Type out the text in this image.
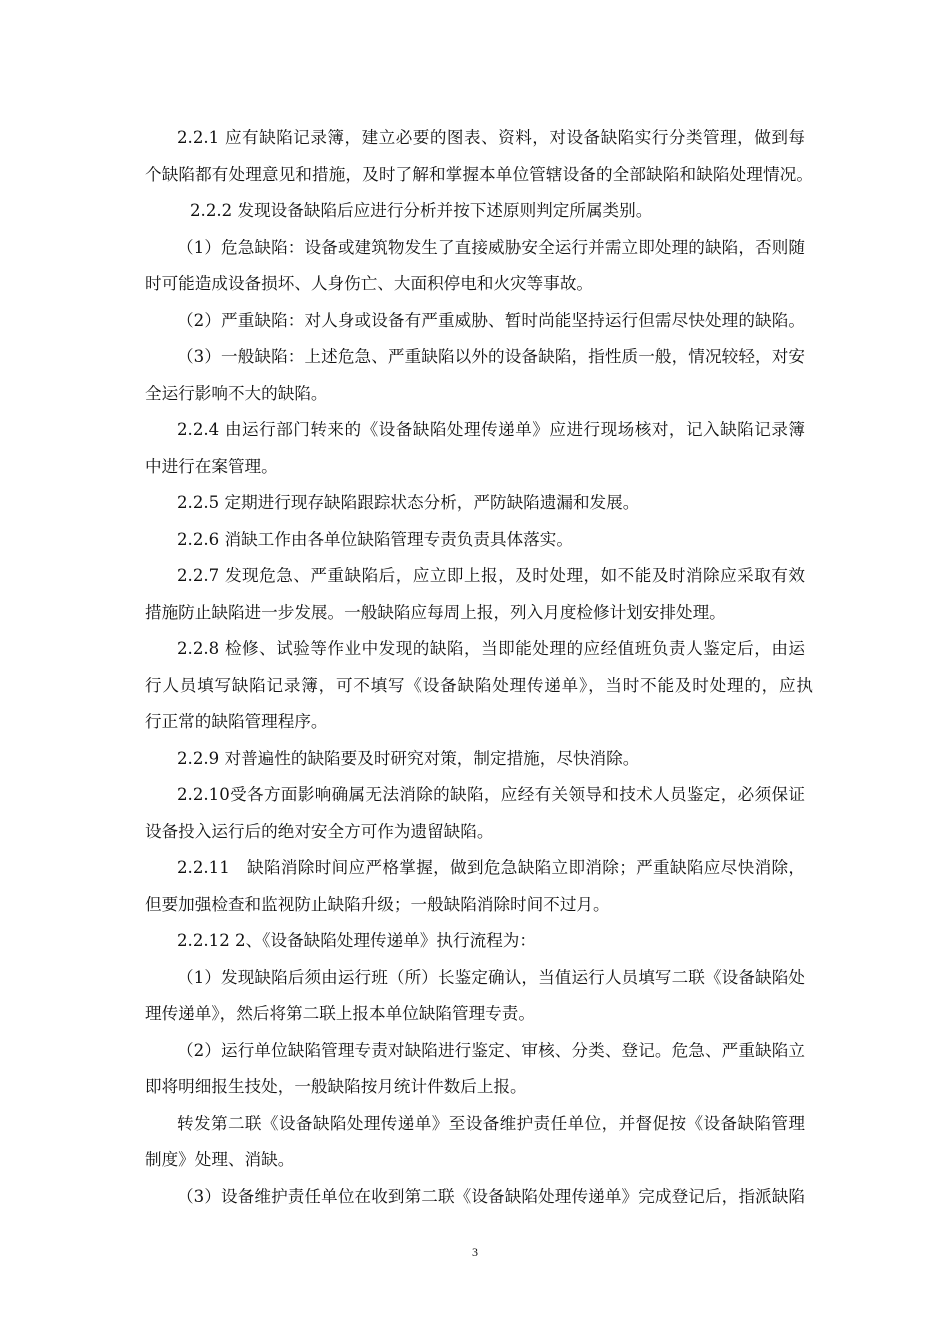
2.2.1 应有缺陷记录簿，建立必要的图表、资料，对设备缺陷实行分类管理，做到每
个缺陷都有处理意见和措施，及时了解和掌握本单位管辖设备的全部缺陷和缺陷处理情况。
2.2.2 发现设备缺陷后应进行分析并按下述原则判定所属类别。
（1）危急缺陷：设备或建筑物发生了直接威胁安全运行并需立即处理的缺陷，否则随
时可能造成设备损坏、人身伤亡、大面积停电和火灾等事故。
（2）严重缺陷：对人身或设备有严重威胁、暂时尚能坚持运行但需尽快处理的缺陷。
（3）一般缺陷：上述危急、严重缺陷以外的设备缺陷，指性质一般，情况较轻，对安
全运行影响不大的缺陷。
2.2.4 由运行部门转来的《设备缺陷处理传递单》应进行现场核对，记入缺陷记录簿
中进行在案管理。
2.2.5 定期进行现存缺陷跟踪状态分析，严防缺陷遗漏和发展。
2.2.6 消缺工作由各单位缺陷管理专责负责具体落实。
2.2.7 发现危急、严重缺陷后，应立即上报，及时处理，如不能及时消除应采取有效
措施防止缺陷进一步发展。一般缺陷应每周上报，列入月度检修计划安排处理。
2.2.8 检修、试验等作业中发现的缺陷，当即能处理的应经值班负责人鉴定后，由运
行人员填写缺陷记录簿，可不填写《设备缺陷处理传递单》，当时不能及时处理的，应执
行正常的缺陷管理程序。
2.2.9 对普遍性的缺陷要及时研究对策，制定措施，尽快消除。
2.2.10受各方面影响确属无法消除的缺陷，应经有关领导和技术人员鉴定，必须保证
设备投入运行后的绝对安全方可作为遗留缺陷。
2.2.11　缺陷消除时间应严格掌握，做到危急缺陷立即消除；严重缺陷应尽快消除，
但要加强检查和监视防止缺陷升级；一般缺陷消除时间不过月。
2.2.12 2、《设备缺陷处理传递单》执行流程为：
（1）发现缺陷后须由运行班（所）长鉴定确认，当值运行人员填写二联《设备缺陷处
理传递单》，然后将第二联上报本单位缺陷管理专责。
（2）运行单位缺陷管理专责对缺陷进行鉴定、审核、分类、登记。危急、严重缺陷立
即将明细报生技处，一般缺陷按月统计件数后上报。
转发第二联《设备缺陷处理传递单》至设备维护责任单位，并督促按《设备缺陷管理
制度》处理、消缺。
（3）设备维护责任单位在收到第二联《设备缺陷处理传递单》完成登记后，指派缺陷
3
